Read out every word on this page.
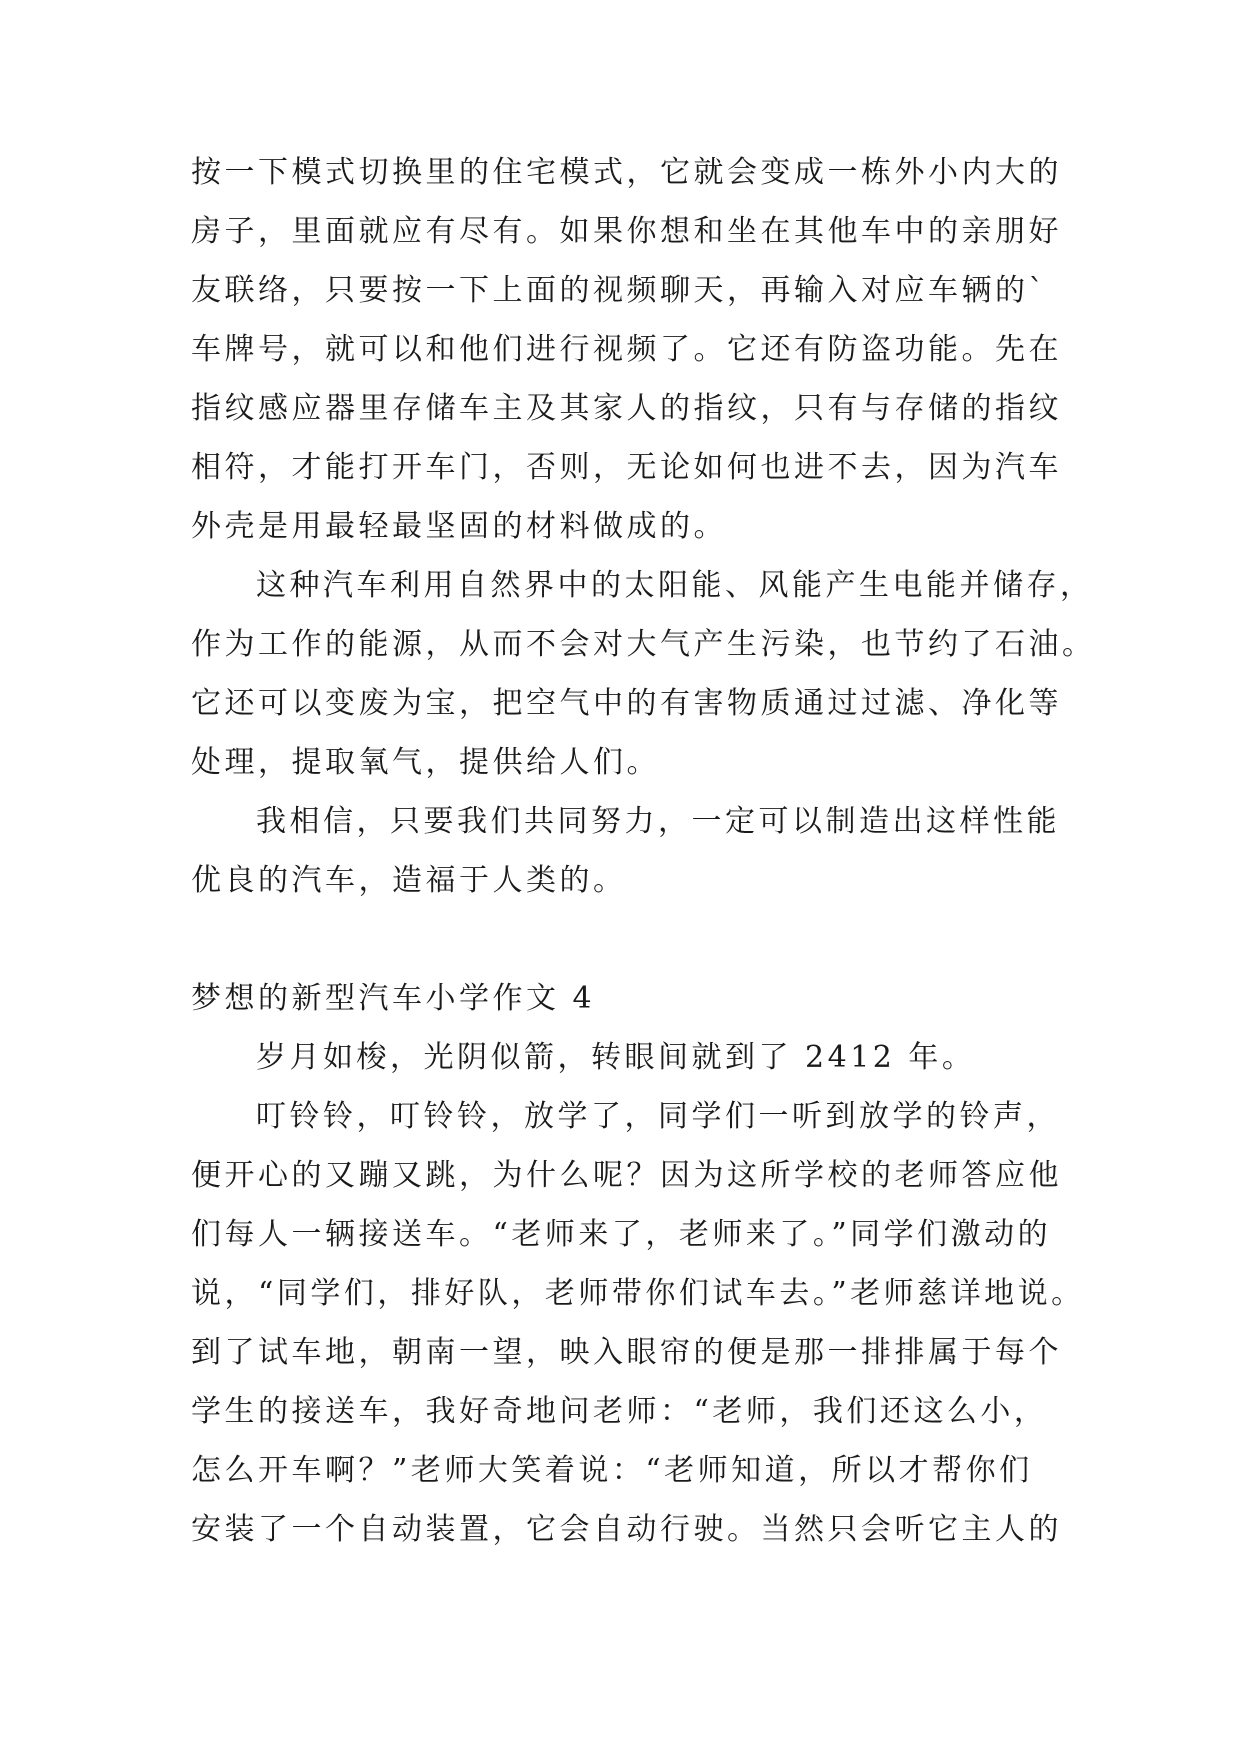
按一下模式切换里的住宅模式，它就会变成一栋外小内大的
房子，里面就应有尽有。如果你想和坐在其他车中的亲朋好
友联络，只要按一下上面的视频聊天，再输入对应车辆的`
车牌号，就可以和他们进行视频了。它还有防盗功能。先在
指纹感应器里存储车主及其家人的指纹，只有与存储的指纹
相符，才能打开车门，否则，无论如何也进不去，因为汽车
外壳是用最轻最坚固的材料做成的。
这种汽车利用自然界中的太阳能、风能产生电能并储存，
作为工作的能源，从而不会对大气产生污染，也节约了石油。
它还可以变废为宝，把空气中的有害物质通过过滤、净化等
处理，提取氧气，提供给人们。
我相信，只要我们共同努力，一定可以制造出这样性能
优良的汽车，造福于人类的。
梦想的新型汽车小学作文 4
岁月如梭，光阴似箭，转眼间就到了 2412 年。
叮铃铃，叮铃铃，放学了，同学们一听到放学的铃声，
便开心的又蹦又跳，为什么呢？因为这所学校的老师答应他
们每人一辆接送车。“老师来了，老师来了。”同学们激动的
说，“同学们，排好队，老师带你们试车去。”老师慈详地说。
到了试车地，朝南一望，映入眼帘的便是那一排排属于每个
学生的接送车，我好奇地问老师：“老师，我们还这么小，
怎么开车啊？”老师大笑着说：“老师知道，所以才帮你们
安装了一个自动装置，它会自动行驶。当然只会听它主人的
